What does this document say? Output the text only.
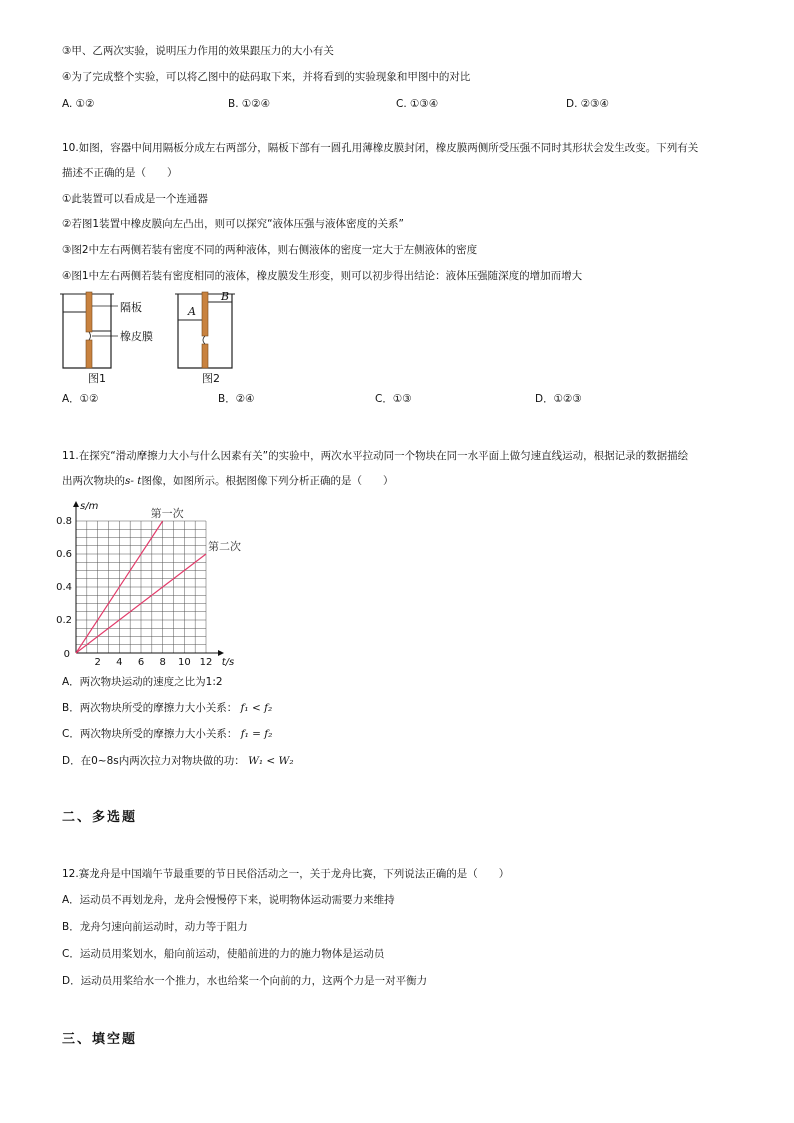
③甲、乙两次实验，说明压力作用的效果跟压力的大小有关
④为了完成整个实验，可以将乙图中的砝码取下来，并将看到的实验现象和甲图中的对比
A. ①②	B. ①②④	C. ①③④	D. ②③④
10.如图，容器中间用隔板分成左右两部分，隔板下部有一圆孔用薄橡皮膜封闭，橡皮膜两侧所受压强不同时其形状会发生改变。下列有关
描述不正确的是（　　）
①此装置可以看成是一个连通器
②若图1装置中橡皮膜向左凸出，则可以探究“液体压强与液体密度的关系”
③图2中左右两侧若装有密度不同的两种液体，则右侧液体的密度一定大于左侧液体的密度
④图1中左右两侧若装有密度相同的液体，橡皮膜发生形变，则可以初步得出结论：液体压强随深度的增加而增大
隔板
橡皮膜
图1
A
B
图2
A．①②	B．②④	C．①③	D．①②③
11.在探究“滑动摩擦力大小与什么因素有关”的实验中，两次水平拉动同一个物块在同一水平面上做匀速直线运动，根据记录的数据描绘
出两次物块的s- t图像，如图所示。根据图像下列分析正确的是（　　）
2 4 6 8 10 12
0.2
0.4
0.6
0.8
0
t/s
s/m
第一次
第二次
A．两次物块运动的速度之比为1:2
B．两次物块所受的摩擦力大小关系： f₁ < f₂
C．两次物块所受的摩擦力大小关系： f₁ = f₂
D．在0~8s内两次拉力对物块做的功： W₁ < W₂
二、多选题
12.赛龙舟是中国端午节最重要的节日民俗活动之一，关于龙舟比赛，下列说法正确的是（　　）
A．运动员不再划龙舟，龙舟会慢慢停下来，说明物体运动需要力来维持
B．龙舟匀速向前运动时，动力等于阻力
C．运动员用桨划水，船向前运动，使船前进的力的施力物体是运动员
D．运动员用桨给水一个推力，水也给桨一个向前的力，这两个力是一对平衡力
三、填空题
